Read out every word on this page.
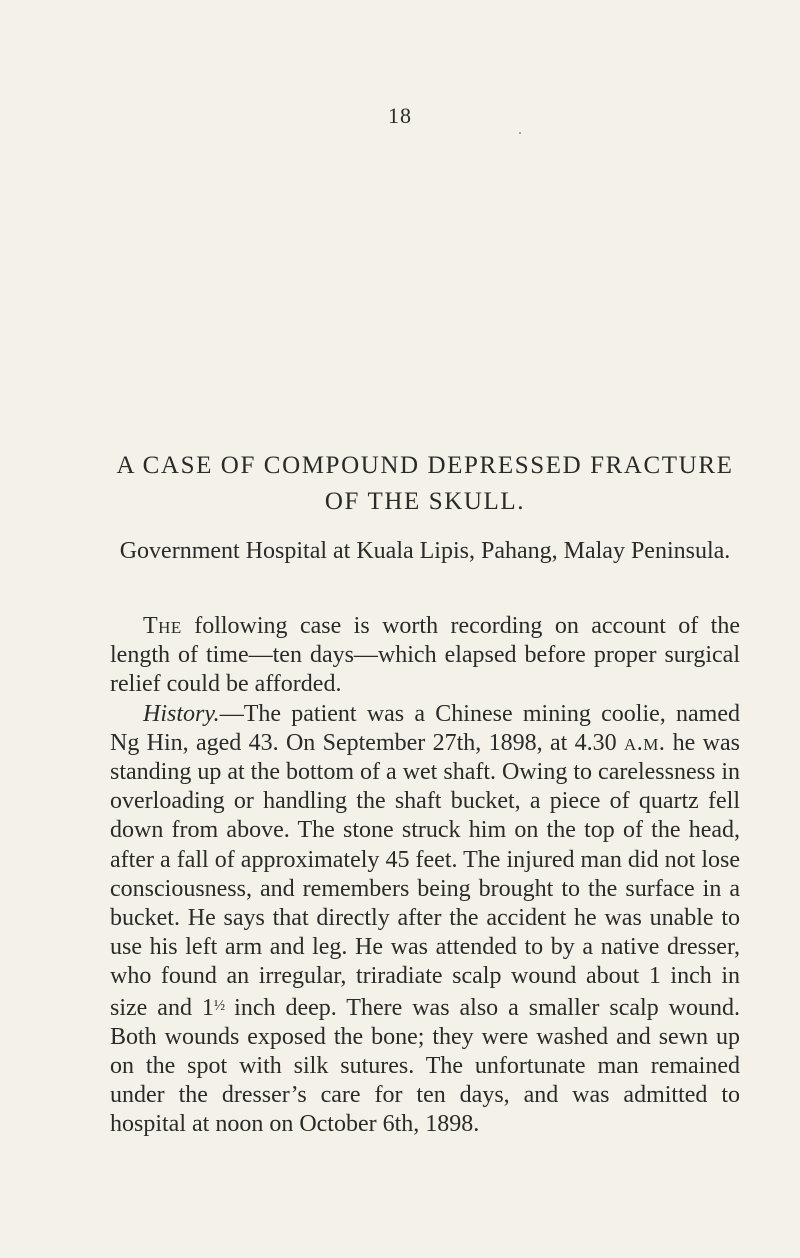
18
A CASE OF COMPOUND DEPRESSED FRACTURE OF THE SKULL.

Government Hospital at Kuala Lipis, Pahang, Malay Peninsula.

The following case is worth recording on account of the length of time—ten days—which elapsed before proper surgical relief could be afforded.

History.—The patient was a Chinese mining coolie, named Ng Hin, aged 43. On September 27th, 1898, at 4.30 a.m. he was standing up at the bottom of a wet shaft. Owing to carelessness in overloading or handling the shaft bucket, a piece of quartz fell down from above. The stone struck him on the top of the head, after a fall of approximately 45 feet. The injured man did not lose consciousness, and remembers being brought to the surface in a bucket. He says that directly after the accident he was unable to use his left arm and leg. He was attended to by a native dresser, who found an irregular, triradiate scalp wound about 1 inch in size and $1^{\frac{1}{2}}$ inch deep. There was also a smaller scalp wound. Both wounds exposed the bone; they were washed and sewn up on the spot with silk sutures. The unfortunate man remained under the dresser’s care for ten days, and was admitted to hospital at noon on October 6th, 1898.
